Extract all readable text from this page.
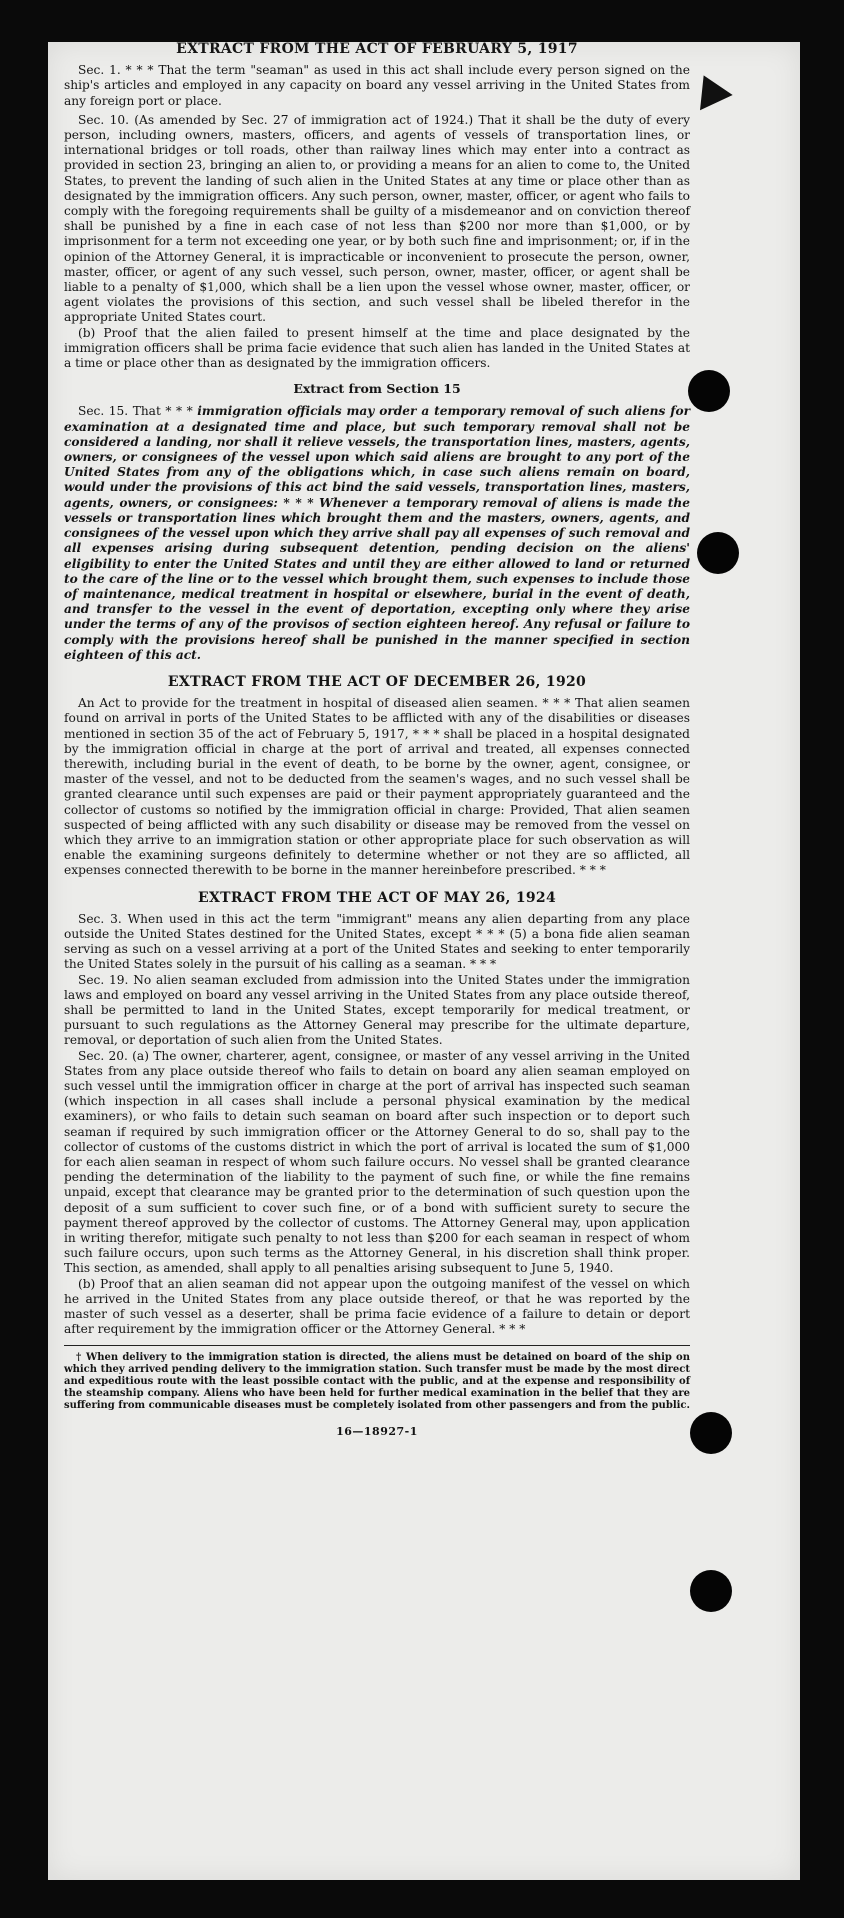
EXTRACT FROM THE ACT OF FEBRUARY 5, 1917

Sec. 1. * * * That the term "seaman" as used in this act shall include every person signed on the ship's articles and employed in any capacity on board any vessel arriving in the United States from any foreign port or place.

Sec. 10. (As amended by Sec. 27 of immigration act of 1924.) That it shall be the duty of every person, including owners, masters, officers, and agents of vessels of transportation lines, or international bridges or toll roads, other than railway lines which may enter into a contract as provided in section 23, bringing an alien to, or providing a means for an alien to come to, the United States, to prevent the landing of such alien in the United States at any time or place other than as designated by the immigration officers. Any such person, owner, master, officer, or agent who fails to comply with the foregoing requirements shall be guilty of a misdemeanor and on conviction thereof shall be punished by a fine in each case of not less than $200 nor more than $1,000, or by imprisonment for a term not exceeding one year, or by both such fine and imprisonment; or, if in the opinion of the Attorney General, it is impracticable or inconvenient to prosecute the person, owner, master, officer, or agent of any such vessel, such person, owner, master, officer, or agent shall be liable to a penalty of $1,000, which shall be a lien upon the vessel whose owner, master, officer, or agent violates the provisions of this section, and such vessel shall be libeled therefor in the appropriate United States court.

(b) Proof that the alien failed to present himself at the time and place designated by the immigration officers shall be prima facie evidence that such alien has landed in the United States at a time or place other than as designated by the immigration officers.

Extract from Section 15

Sec. 15. That * * * immigration officials may order a temporary removal of such aliens for examination at a designated time and place, but such temporary removal shall not be considered a landing, nor shall it relieve vessels, the transportation lines, masters, agents, owners, or consignees of the vessel upon which said aliens are brought to any port of the United States from any of the obligations which, in case such aliens remain on board, would under the provisions of this act bind the said vessels, transportation lines, masters, agents, owners, or consignees: * * * Whenever a temporary removal of aliens is made the vessels or transportation lines which brought them and the masters, owners, agents, and consignees of the vessel upon which they arrive shall pay all expenses of such removal and all expenses arising during subsequent detention, pending decision on the aliens' eligibility to enter the United States and until they are either allowed to land or returned to the care of the line or to the vessel which brought them, such expenses to include those of maintenance, medical treatment in hospital or elsewhere, burial in the event of death, and transfer to the vessel in the event of deportation, excepting only where they arise under the terms of any of the provisos of section eighteen hereof. Any refusal or failure to comply with the provisions hereof shall be punished in the manner specified in section eighteen of this act.

EXTRACT FROM THE ACT OF DECEMBER 26, 1920

An Act to provide for the treatment in hospital of diseased alien seamen. * * * That alien seamen found on arrival in ports of the United States to be afflicted with any of the disabilities or diseases mentioned in section 35 of the act of February 5, 1917, * * * shall be placed in a hospital designated by the immigration official in charge at the port of arrival and treated, all expenses connected therewith, including burial in the event of death, to be borne by the owner, agent, consignee, or master of the vessel, and not to be deducted from the seamen's wages, and no such vessel shall be granted clearance until such expenses are paid or their payment appropriately guaranteed and the collector of customs so notified by the immigration official in charge: Provided, That alien seamen suspected of being afflicted with any such disability or disease may be removed from the vessel on which they arrive to an immigration station or other appropriate place for such observation as will enable the examining surgeons definitely to determine whether or not they are so afflicted, all expenses connected therewith to be borne in the manner hereinbefore prescribed. * * *

EXTRACT FROM THE ACT OF MAY 26, 1924

Sec. 3. When used in this act the term "immigrant" means any alien departing from any place outside the United States destined for the United States, except * * * (5) a bona fide alien seaman serving as such on a vessel arriving at a port of the United States and seeking to enter temporarily the United States solely in the pursuit of his calling as a seaman. * * *

Sec. 19. No alien seaman excluded from admission into the United States under the immigration laws and employed on board any vessel arriving in the United States from any place outside thereof, shall be permitted to land in the United States, except temporarily for medical treatment, or pursuant to such regulations as the Attorney General may prescribe for the ultimate departure, removal, or deportation of such alien from the United States.

Sec. 20. (a) The owner, charterer, agent, consignee, or master of any vessel arriving in the United States from any place outside thereof who fails to detain on board any alien seaman employed on such vessel until the immigration officer in charge at the port of arrival has inspected such seaman (which inspection in all cases shall include a personal physical examination by the medical examiners), or who fails to detain such seaman on board after such inspection or to deport such seaman if required by such immigration officer or the Attorney General to do so, shall pay to the collector of customs of the customs district in which the port of arrival is located the sum of $1,000 for each alien seaman in respect of whom such failure occurs. No vessel shall be granted clearance pending the determination of the liability to the payment of such fine, or while the fine remains unpaid, except that clearance may be granted prior to the determination of such question upon the deposit of a sum sufficient to cover such fine, or of a bond with sufficient surety to secure the payment thereof approved by the collector of customs. The Attorney General may, upon application in writing therefor, mitigate such penalty to not less than $200 for each seaman in respect of whom such failure occurs, upon such terms as the Attorney General, in his discretion shall think proper. This section, as amended, shall apply to all penalties arising subsequent to June 5, 1940.

(b) Proof that an alien seaman did not appear upon the outgoing manifest of the vessel on which he arrived in the United States from any place outside thereof, or that he was reported by the master of such vessel as a deserter, shall be prima facie evidence of a failure to detain or deport after requirement by the immigration officer or the Attorney General. * * *

† When delivery to the immigration station is directed, the aliens must be detained on board of the ship on which they arrived pending delivery to the immigration station. Such transfer must be made by the most direct and expeditious route with the least possible contact with the public, and at the expense and responsibility of the steamship company. Aliens who have been held for further medical examination in the belief that they are suffering from communicable diseases must be completely isolated from other passengers and from the public.

16—18927-1
